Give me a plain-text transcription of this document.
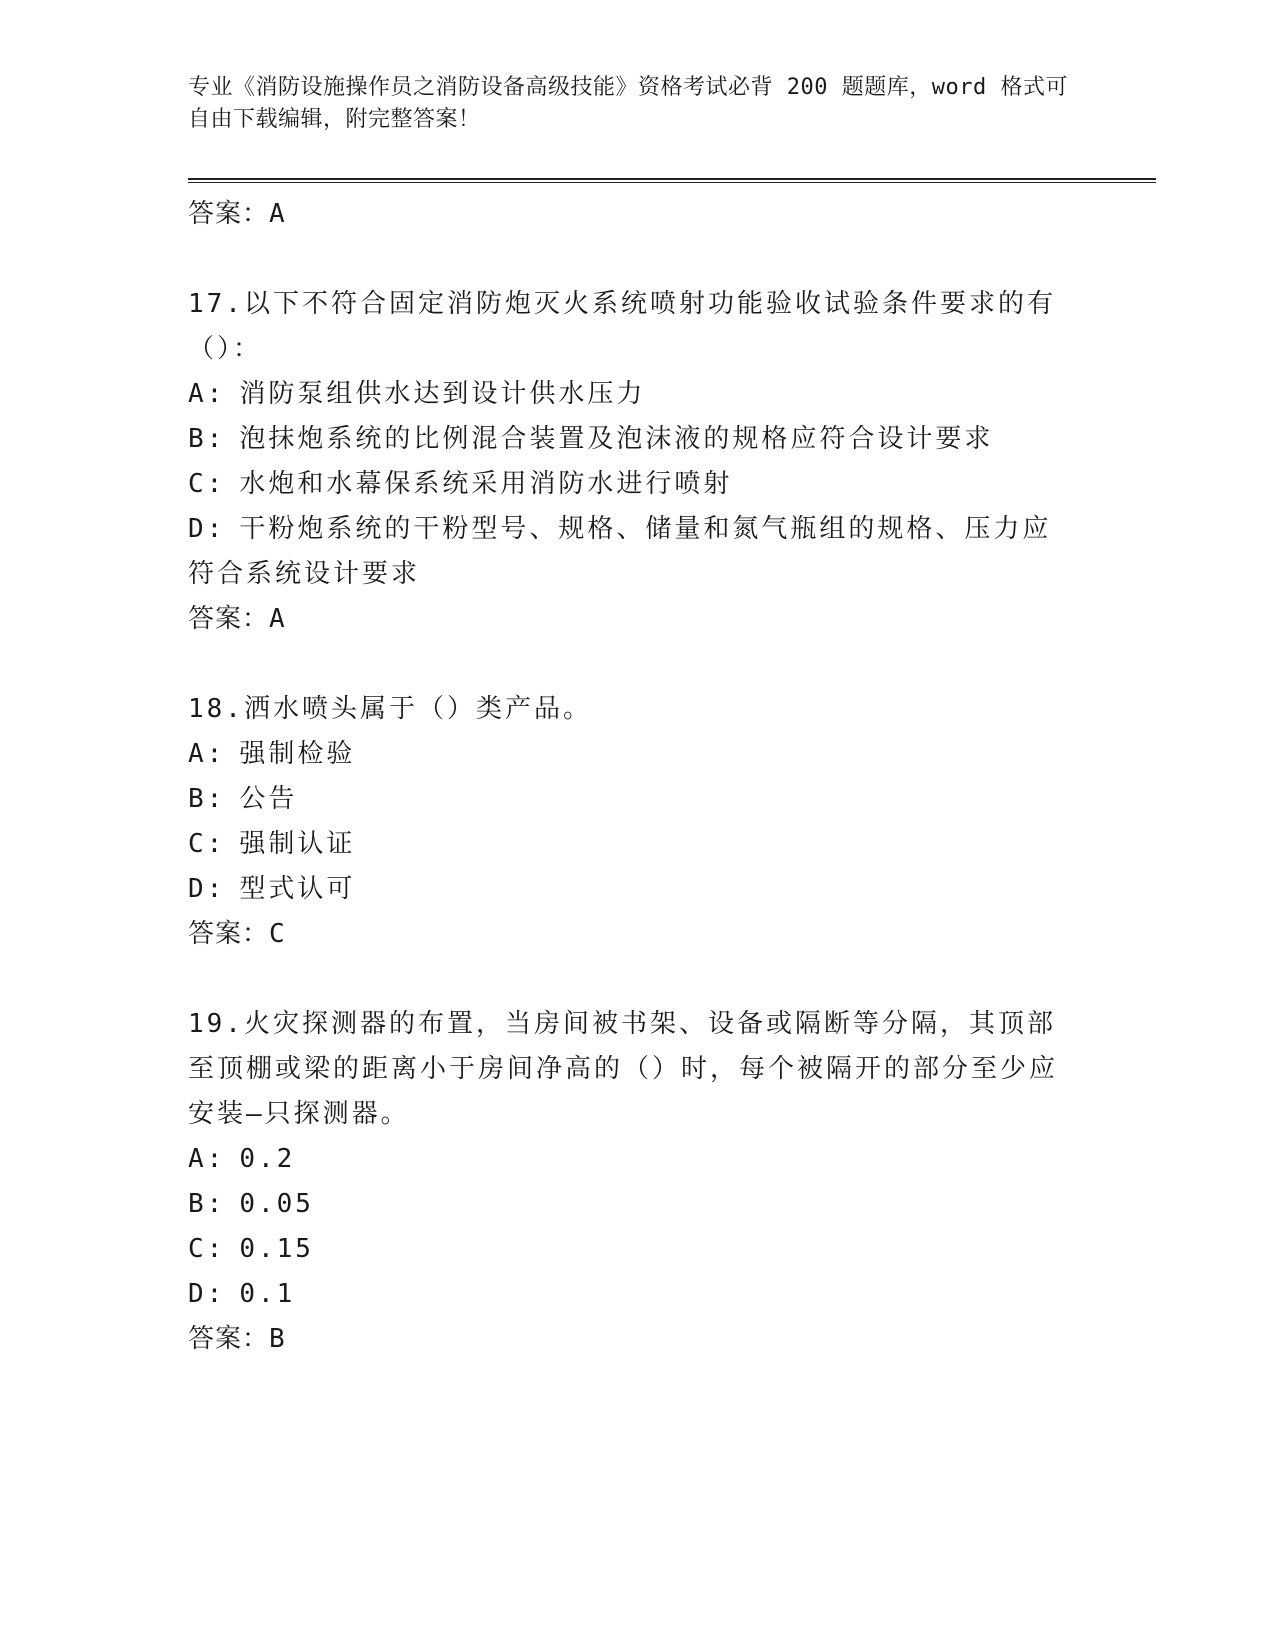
专业《消防设施操作员之消防设备高级技能》资格考试必背 200 题题库，word 格式可自由下载编辑，附完整答案！
答案：A
17.以下不符合固定消防炮灭火系统喷射功能验收试验条件要求的有（）：
A: 消防泵组供水达到设计供水压力
B: 泡抹炮系统的比例混合装置及泡沫液的规格应符合设计要求
C: 水炮和水幕保系统采用消防水进行喷射
D: 干粉炮系统的干粉型号、规格、储量和氮气瓶组的规格、压力应符合系统设计要求
答案：A
18.洒水喷头属于（）类产品。
A: 强制检验
B: 公告
C: 强制认证
D: 型式认可
答案：C
19.火灾探测器的布置，当房间被书架、设备或隔断等分隔，其顶部至顶棚或梁的距离小于房间净高的（）时，每个被隔开的部分至少应安装—只探测器。
A: 0.2
B: 0.05
C: 0.15
D: 0.1
答案：B
